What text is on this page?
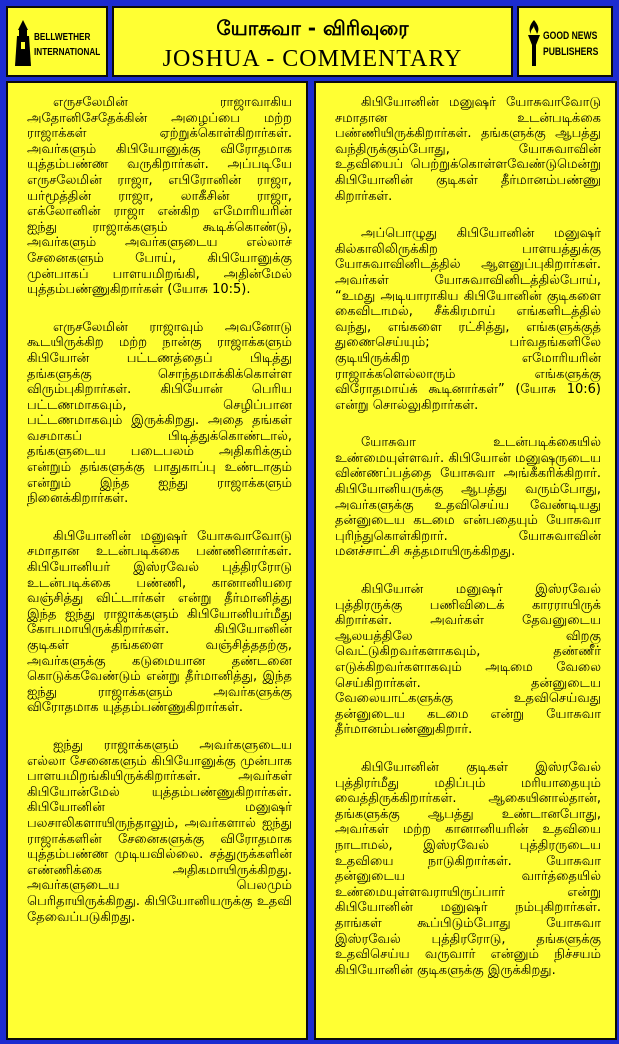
BELLWETHER
INTERNATIONAL
யோசுவா - விரிவுரை
JOSHUA - COMMENTARY
GOOD NEWS
PUBLISHERS

எருசலேமின் ராஜாவாகிய அதோனிசேதேக்கின் அழைப்பை மற்ற ராஜாக்கள் ஏற்றுக்கொள்கிறார்கள். அவர்களும் கிபியோனுக்கு விரோதமாக யுத்தம்பண்ண வருகிறார்கள். அப்படியே எருசலேமின் ராஜா, எபிரோனின் ராஜா, யர்மூத்தின் ராஜா, லாகீசின் ராஜா, எக்லோனின் ராஜா என்கிற எமோரியரின் ஐந்து ராஜாக்களும் கூடிக்கொண்டு, அவர்களும் அவர்களுடைய எல்லாச் சேனைகளும் போய், கிபியோனுக்கு முன்பாகப் பாளயமிறங்கி, அதின்மேல் யுத்தம்பண்ணுகிறார்கள் (யோசு 10:5).

எருசலேமின் ராஜாவும் அவனோடு கூடயிருக்கிற மற்ற நான்கு ராஜாக்களும் கிபியோன் பட்டணத்தைப் பிடித்து தங்களுக்கு சொந்தமாக்கிக்கொள்ள விரும்புகிறார்கள். கிபியோன் பெரிய பட்டணமாகவும், செழிப்பான பட்டணமாகவும் இருக்கிறது. அதை தங்கள் வசமாகப் பிடித்துக்கொண்டால், தங்களுடைய படைபலம் அதிகரிக்கும் என்றும் தங்களுக்கு பாதுகாப்பு உண்டாகும் என்றும் இந்த ஐந்து ராஜாக்களும் நினைக்கிறார்கள்.

கிபியோனின் மனுஷர் யோசுவாவோடு சமாதான உடன்படிக்கை பண்ணினார்கள். கிபியோனியர் இஸ்ரவேல் புத்திரரோடு உடன்படிக்கை பண்ணி, கானானியரை வஞ்சித்து விட்டார்கள் என்று தீர்மானித்து இந்த ஐந்து ராஜாக்களும் கிபியோனியர்மீது கோபமாயிருக்கிறார்கள். கிபியோனின் குடிகள் தங்களை வஞ்சித்ததற்கு, அவர்களுக்கு கடுமையான தண்டனை கொடுக்கவேண்டும் என்று தீர்மானித்து, இந்த ஐந்து ராஜாக்களும் அவர்களுக்கு விரோதமாக யுத்தம்பண்ணுகிறார்கள்.

ஐந்து ராஜாக்களும் அவர்களுடைய எல்லா சேனைகளும் கிபியோனுக்கு முன்பாக பாளயமிறங்கியிருக்கிறார்கள். அவர்கள் கிபியோன்மேல் யுத்தம்பண்ணுகிறார்கள். கிபியோனின் மனுஷர் பலசாலிகளாயிருந்தாலும், அவர்களால் ஐந்து ராஜாக்களின் சேனைகளுக்கு விரோதமாக யுத்தம்பண்ண முடியவில்லை. சத்துருக்களின் எண்ணிக்கை அதிகமாயிருக்கிறது. அவர்களுடைய பெலமும் பெரிதாயிருக்கிறது. கிபியோனியருக்கு உதவி தேவைப்படுகிறது.

கிபியோனின் மனுஷர் யோசுவாவோடு சமாதான உடன்படிக்கை பண்ணியிருக்கிறார்கள். தங்களுக்கு ஆபத்து வந்திருக்கும்போது, யோசுவாவின் உதவியைப் பெற்றுக்கொள்ளவேண்டுமென்று கிபியோனின் குடிகள் தீர்மானம்பண்ணு கிறார்கள்.

அப்பொழுது கிபியோனின் மனுஷர் கில்காலிலிருக்கிற பாளயத்துக்கு யோசுவாவினிடத்தில் ஆளனுப்புகிறார்கள். அவர்கள் யோசுவாவினிடத்தில்போய், “உமது அடியாராகிய கிபியோனின் குடிகளை கைவிடாமல், சீக்கிரமாய் எங்களிடத்தில் வந்து, எங்களை ரட்சித்து, எங்களுக்குத் துணைசெய்யும்; பர்வதங்களிலே குடியிருக்கிற எமோரியரின் ராஜாக்களெல்லாரும் எங்களுக்கு விரோதமாய்க் கூடினார்கள்” (யோசு 10:6) என்று சொல்லுகிறார்கள்.

யோசுவா உடன்படிக்கையில் உண்மையுள்ளவர். கிபியோன் மனுஷருடைய விண்ணப்பத்தை யோசுவா அங்கீகரிக்கிறார். கிபியோனியருக்கு ஆபத்து வரும்போது, அவர்களுக்கு உதவிசெய்ய வேண்டியது தன்னுடைய கடமை என்பதையும் யோசுவா புரிந்துகொள்கிறார். யோசுவாவின் மனச்சாட்சி சுத்தமாயிருக்கிறது.

கிபியோன் மனுஷர் இஸ்ரவேல் புத்திரருக்கு பணிவிடைக் காரராயிருக் கிறார்கள். அவர்கள் தேவனுடைய ஆலயத்திலே விறகு வெட்டுகிறவர்களாகவும், தண்ணீர் எடுக்கிறவர்களாகவும் அடிமை வேலை செய்கிறார்கள். தன்னுடைய வேலையாட்களுக்கு உதவிசெய்வது தன்னுடைய கடமை என்று யோசுவா தீர்மானம்பண்ணுகிறார்.

கிபியோனின் குடிகள் இஸ்ரவேல் புத்திரர்மீது மதிப்பும் மரியாதையும் வைத்திருக்கிறார்கள். ஆகையினால்தான், தங்களுக்கு ஆபத்து உண்டானபோது, அவர்கள் மற்ற கானானியரின் உதவியை நாடாமல், இஸ்ரவேல் புத்திரருடைய உதவியை நாடுகிறார்கள். யோசுவா தன்னுடைய வார்த்தையில் உண்மையுள்ளவராயிருப்பார் என்று கிபியோனின் மனுஷர் நம்புகிறார்கள். தாங்கள் கூப்பிடும்போது யோசுவா இஸ்ரவேல் புத்திரரோடு, தங்களுக்கு உதவிசெய்ய வருவார் என்னும் நிச்சயம் கிபியோனின் குடிகளுக்கு இருக்கிறது.
